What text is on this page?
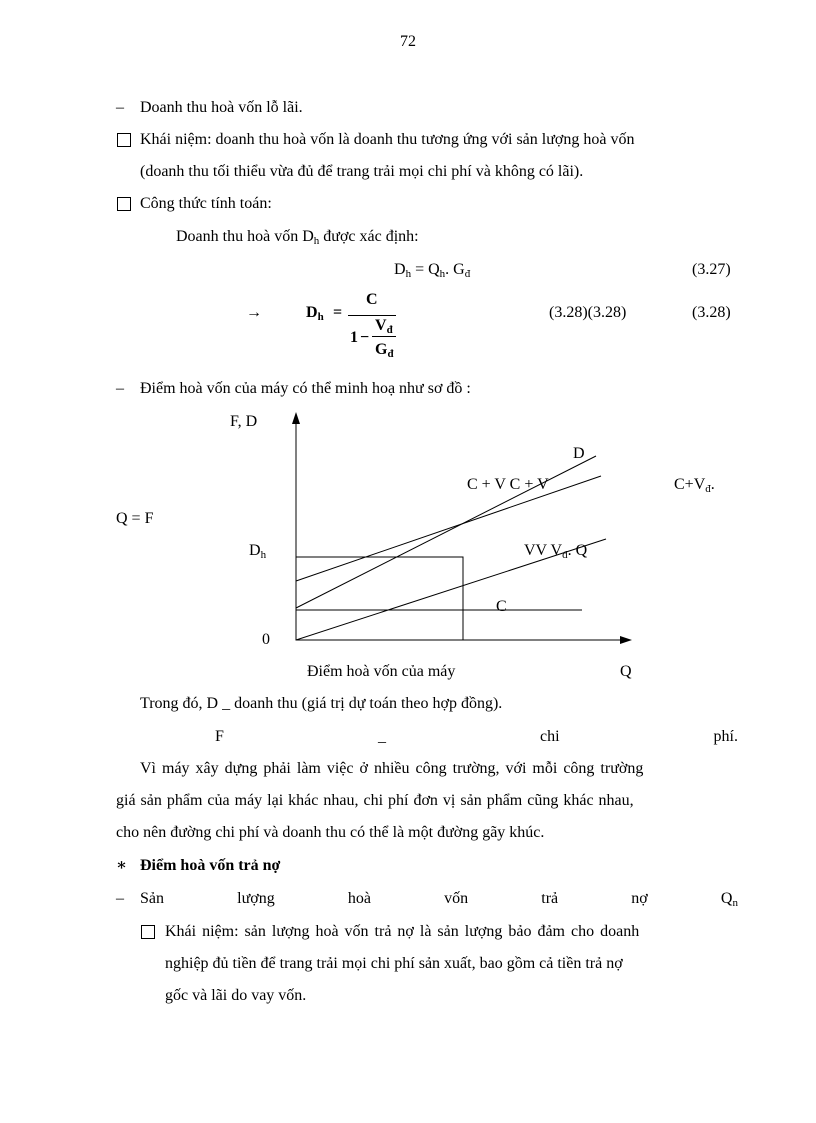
72
– Doanh thu hoà vốn lỗ lãi.
Khái niệm: doanh thu hoà vốn là doanh thu tương ứng với sản lượng hoà vốn
(doanh thu tối thiểu vừa đủ để trang trải mọi chi phí và không có lãi).
Công thức tính toán:
Doanh thu hoà vốn $D_h$ được xác định:
$D_h = Q_h$. $G_đ$	(3.27)
→	$D_h$ =
C
1 −
$V_đ$
$G_đ$
(3.28)(3.28)	(3.28)
– Điểm hoà vốn của máy có thể minh hoạ như sơ đồ :
F, D
D
C + V C + V	$C+V_đ$.
Q = F
$D_h$	VV $V_đ$. Q
C
0
Điểm hoà vốn của máy	Q
Trong đó, D _ doanh thu (giá trị dự toán theo hợp đồng).
F	_	chi	phí.
Vì máy xây dựng phải làm việc ở nhiều công trường, với mỗi công trường
giá sản phẩm của máy lại khác nhau, chi phí đơn vị sản phẩm cũng khác nhau,
cho nên đường chi phí và doanh thu có thể là một đường gãy khúc.
∗ Điểm hoà vốn trả nợ
– Sản	lượng	hoà	vốn	trả	nợ	$Q_n$
Khái niệm: sản lượng hoà vốn trả nợ là sản lượng bảo đảm cho doanh
nghiệp đủ tiền để trang trải mọi chi phí sản xuất, bao gồm cả tiền trả nợ
gốc và lãi do vay vốn.
